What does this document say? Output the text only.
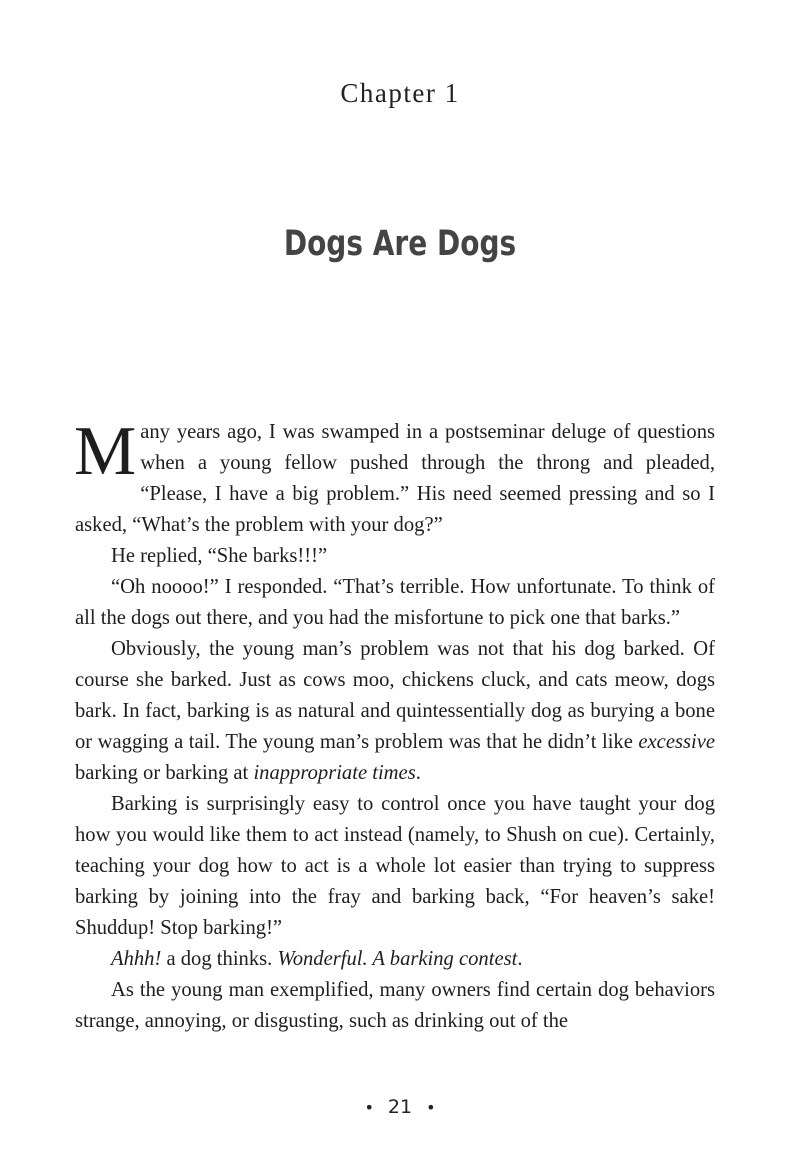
Chapter 1
Dogs Are Dogs

Many years ago, I was swamped in a postseminar deluge of questions when a young fellow pushed through the throng and pleaded, “Please, I have a big problem.” His need seemed pressing and so I asked, “What’s the problem with your dog?”

He replied, “She barks!!!”

“Oh noooo!” I responded. “That’s terrible. How unfortunate. To think of all the dogs out there, and you had the misfortune to pick one that barks.”

Obviously, the young man’s problem was not that his dog barked. Of course she barked. Just as cows moo, chickens cluck, and cats meow, dogs bark. In fact, barking is as natural and quintessentially dog as burying a bone or wagging a tail. The young man’s problem was that he didn’t like excessive barking or barking at inappropriate times.

Barking is surprisingly easy to control once you have taught your dog how you would like them to act instead (namely, to Shush on cue). Certainly, teaching your dog how to act is a whole lot easier than trying to suppress barking by joining into the fray and barking back, “For heaven’s sake! Shuddup! Stop barking!”

Ahhh! a dog thinks. Wonderful. A barking contest.

As the young man exemplified, many owners find certain dog behaviors strange, annoying, or disgusting, such as drinking out of the

• 21 •
